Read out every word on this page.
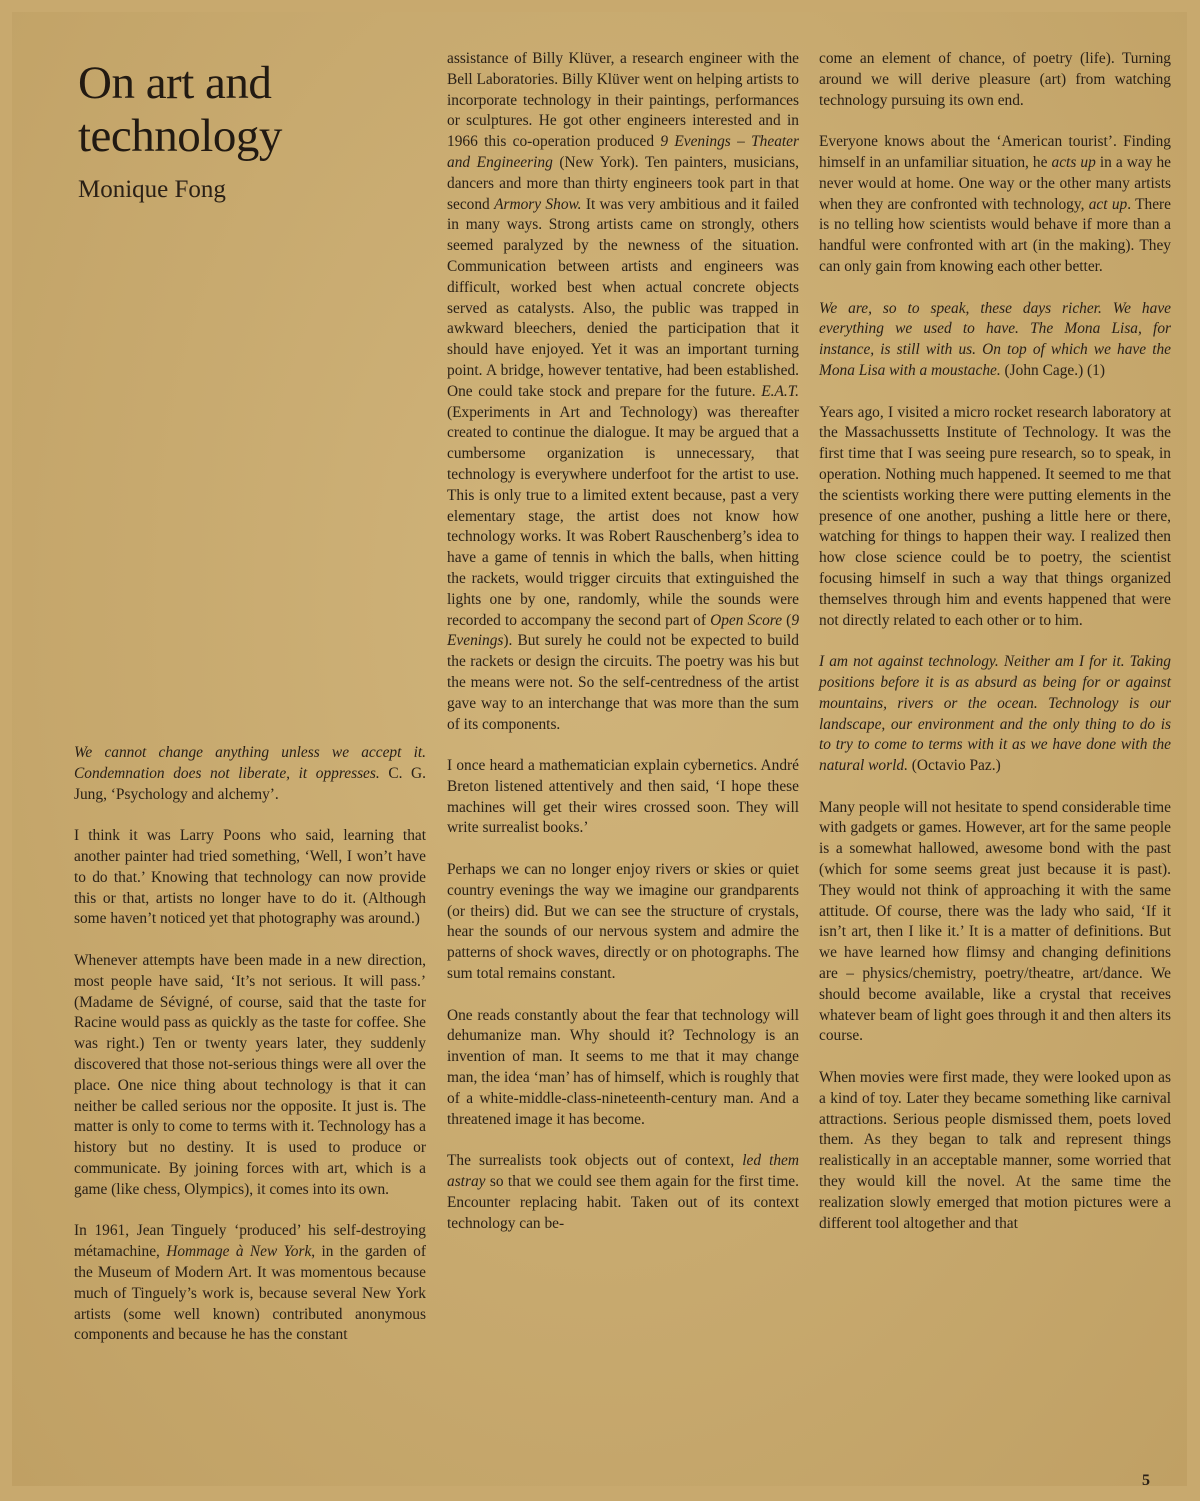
On art and
technology
Monique Fong

We cannot change anything unless we accept it. Condemnation does not liberate, it oppresses. C. G. Jung, ‘Psychology and alchemy’.

I think it was Larry Poons who said, learning that another painter had tried something, ‘Well, I won’t have to do that.’ Knowing that technology can now provide this or that, artists no longer have to do it. (Although some haven’t noticed yet that photography was around.)

Whenever attempts have been made in a new direction, most people have said, ‘It’s not serious. It will pass.’ (Madame de Sévigné, of course, said that the taste for Racine would pass as quickly as the taste for coffee. She was right.) Ten or twenty years later, they suddenly discovered that those not-serious things were all over the place. One nice thing about technology is that it can neither be called serious nor the opposite. It just is. The matter is only to come to terms with it. Technology has a history but no destiny. It is used to produce or communicate. By joining forces with art, which is a game (like chess, Olympics), it comes into its own.

In 1961, Jean Tinguely ‘produced’ his self-destroying métamachine, Hommage à New York, in the garden of the Museum of Modern Art. It was momentous because much of Tinguely’s work is, because several New York artists (some well known) contributed anonymous components and because he has the constant

assistance of Billy Klüver, a research engineer with the Bell Laboratories. Billy Klüver went on helping artists to incorporate technology in their paintings, performances or sculptures. He got other engineers interested and in 1966 this co-operation produced 9 Evenings – Theater and Engineering (New York). Ten painters, musicians, dancers and more than thirty engineers took part in that second Armory Show. It was very ambitious and it failed in many ways. Strong artists came on strongly, others seemed paralyzed by the newness of the situation. Communication between artists and engineers was difficult, worked best when actual concrete objects served as catalysts. Also, the public was trapped in awkward bleechers, denied the participation that it should have enjoyed. Yet it was an important turning point. A bridge, however tentative, had been established. One could take stock and prepare for the future. E.A.T. (Experiments in Art and Technology) was thereafter created to continue the dialogue. It may be argued that a cumbersome organization is unnecessary, that technology is everywhere underfoot for the artist to use. This is only true to a limited extent because, past a very elementary stage, the artist does not know how technology works. It was Robert Rauschenberg’s idea to have a game of tennis in which the balls, when hitting the rackets, would trigger circuits that extinguished the lights one by one, randomly, while the sounds were recorded to accompany the second part of Open Score (9 Evenings). But surely he could not be expected to build the rackets or design the circuits. The poetry was his but the means were not. So the self-centredness of the artist gave way to an interchange that was more than the sum of its components.

I once heard a mathematician explain cybernetics. André Breton listened attentively and then said, ‘I hope these machines will get their wires crossed soon. They will write surrealist books.’

Perhaps we can no longer enjoy rivers or skies or quiet country evenings the way we imagine our grandparents (or theirs) did. But we can see the structure of crystals, hear the sounds of our nervous system and admire the patterns of shock waves, directly or on photographs. The sum total remains constant.

One reads constantly about the fear that technology will dehumanize man. Why should it? Technology is an invention of man. It seems to me that it may change man, the idea ‘man’ has of himself, which is roughly that of a white-middle-class-nineteenth-century man. And a threatened image it has become.

The surrealists took objects out of context, led them astray so that we could see them again for the first time. Encounter replacing habit. Taken out of its context technology can be-

come an element of chance, of poetry (life). Turning around we will derive pleasure (art) from watching technology pursuing its own end.

Everyone knows about the ‘American tourist’. Finding himself in an unfamiliar situation, he acts up in a way he never would at home. One way or the other many artists when they are confronted with technology, act up. There is no telling how scientists would behave if more than a handful were confronted with art (in the making). They can only gain from knowing each other better.

We are, so to speak, these days richer. We have everything we used to have. The Mona Lisa, for instance, is still with us. On top of which we have the Mona Lisa with a moustache. (John Cage.) (1)

Years ago, I visited a micro rocket research laboratory at the Massachussetts Institute of Technology. It was the first time that I was seeing pure research, so to speak, in operation. Nothing much happened. It seemed to me that the scientists working there were putting elements in the presence of one another, pushing a little here or there, watching for things to happen their way. I realized then how close science could be to poetry, the scientist focusing himself in such a way that things organized themselves through him and events happened that were not directly related to each other or to him.

I am not against technology. Neither am I for it. Taking positions before it is as absurd as being for or against mountains, rivers or the ocean. Technology is our landscape, our environment and the only thing to do is to try to come to terms with it as we have done with the natural world. (Octavio Paz.)

Many people will not hesitate to spend considerable time with gadgets or games. However, art for the same people is a somewhat hallowed, awesome bond with the past (which for some seems great just because it is past). They would not think of approaching it with the same attitude. Of course, there was the lady who said, ‘If it isn’t art, then I like it.’ It is a matter of definitions. But we have learned how flimsy and changing definitions are – physics/chemistry, poetry/theatre, art/dance. We should become available, like a crystal that receives whatever beam of light goes through it and then alters its course.

When movies were first made, they were looked upon as a kind of toy. Later they became something like carnival attractions. Serious people dismissed them, poets loved them. As they began to talk and represent things realistically in an acceptable manner, some worried that they would kill the novel. At the same time the realization slowly emerged that motion pictures were a different tool altogether and that

5
